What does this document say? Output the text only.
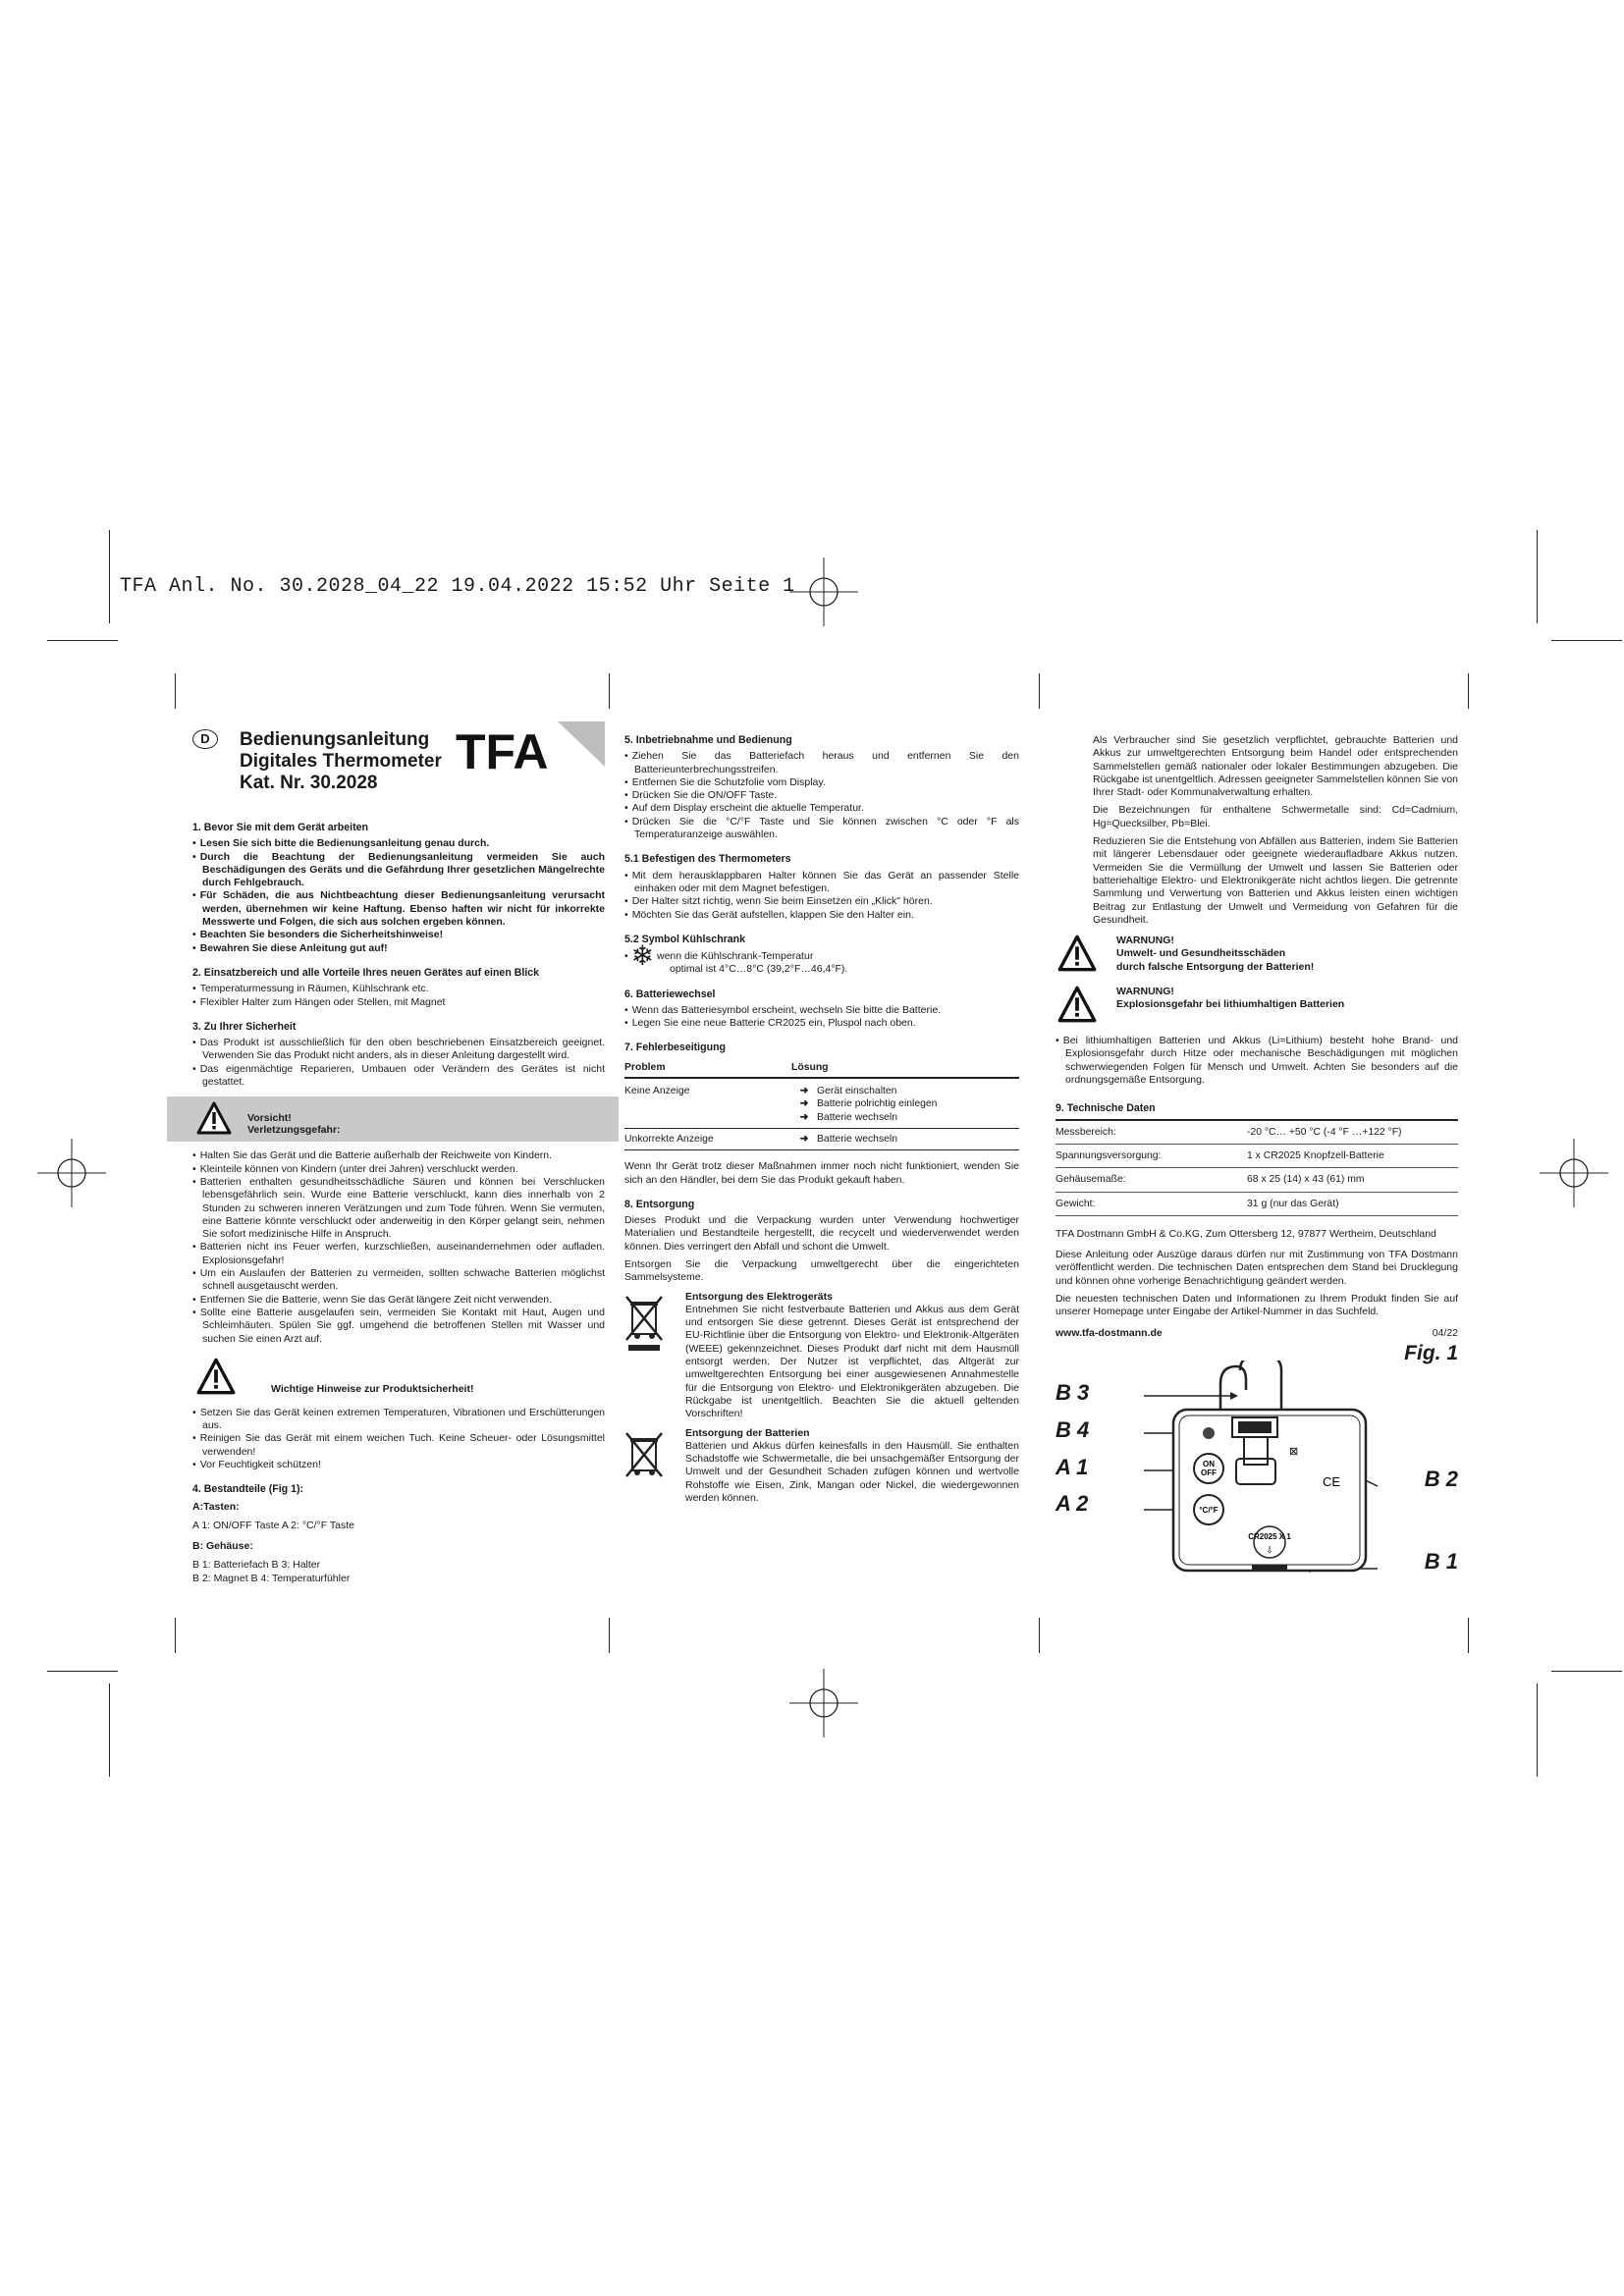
TFA Anl. No. 30.2028_04_22 19.04.2022 15:52 Uhr Seite 1
D	Bedienungsanleitung
Digitales Thermometer
Kat. Nr. 30.2028
TFA
1. Bevor Sie mit dem Gerät arbeiten
• Lesen Sie sich bitte die Bedienungsanleitung genau durch.
• Durch die Beachtung der Bedienungsanleitung vermeiden Sie auch Beschädigungen des Geräts und die Gefährdung Ihrer gesetzlichen Mängelrechte durch Fehlgebrauch.
• Für Schäden, die aus Nichtbeachtung dieser Bedienungsanleitung verursacht werden, übernehmen wir keine Haftung. Ebenso haften wir nicht für inkorrekte Messwerte und Folgen, die sich aus solchen ergeben können.
• Beachten Sie besonders die Sicherheitshinweise!
• Bewahren Sie diese Anleitung gut auf!
2. Einsatzbereich und alle Vorteile Ihres neuen Gerätes auf einen Blick
• Temperaturmessung in Räumen, Kühlschrank etc.
• Flexibler Halter zum Hängen oder Stellen, mit Magnet
3. Zu Ihrer Sicherheit
• Das Produkt ist ausschließlich für den oben beschriebenen Einsatzbereich geeignet. Verwenden Sie das Produkt nicht anders, als in dieser Anleitung dargestellt wird.
• Das eigenmächtige Reparieren, Umbauen oder Verändern des Gerätes ist nicht gestattet.
Vorsicht!
Verletzungsgefahr:
• Halten Sie das Gerät und die Batterie außerhalb der Reichweite von Kindern.
• Kleinteile können von Kindern (unter drei Jahren) verschluckt werden.
• Batterien enthalten gesundheitsschädliche Säuren und können bei Verschlucken lebensgefährlich sein. Wurde eine Batterie verschluckt, kann dies innerhalb von 2 Stunden zu schweren inneren Verätzungen und zum Tode führen. Wenn Sie vermuten, eine Batterie könnte verschluckt oder anderweitig in den Körper gelangt sein, nehmen Sie sofort medizinische Hilfe in Anspruch.
• Batterien nicht ins Feuer werfen, kurzschließen, auseinandernehmen oder aufladen. Explosionsgefahr!
• Um ein Auslaufen der Batterien zu vermeiden, sollten schwache Batterien möglichst schnell ausgetauscht werden.
• Entfernen Sie die Batterie, wenn Sie das Gerät längere Zeit nicht verwenden.
• Sollte eine Batterie ausgelaufen sein, vermeiden Sie Kontakt mit Haut, Augen und Schleimhäuten. Spülen Sie ggf. umgehend die betroffenen Stellen mit Wasser und suchen Sie einen Arzt auf.
Wichtige Hinweise zur Produktsicherheit!
• Setzen Sie das Gerät keinen extremen Temperaturen, Vibrationen und Erschütterungen aus.
• Reinigen Sie das Gerät mit einem weichen Tuch. Keine Scheuer- oder Lösungsmittel verwenden!
• Vor Feuchtigkeit schützen!
4. Bestandteile (Fig 1):
A:Tasten:
A 1: ON/OFF Taste A 2: °C/°F Taste
B: Gehäuse:
B 1: Batteriefach B 3: Halter
B 2: Magnet B 4: Temperaturfühler
5. Inbetriebnahme und Bedienung
• Ziehen Sie das Batteriefach heraus und entfernen Sie den Batterieunterbrechungsstreifen.
• Entfernen Sie die Schutzfolie vom Display.
• Drücken Sie die ON/OFF Taste.
• Auf dem Display erscheint die aktuelle Temperatur.
• Drücken Sie die °C/°F Taste und Sie können zwischen °C oder °F als Temperaturanzeige auswählen.
5.1 Befestigen des Thermometers
• Mit dem herausklappbaren Halter können Sie das Gerät an passender Stelle einhaken oder mit dem Magnet befestigen.
• Der Halter sitzt richtig, wenn Sie beim Einsetzen ein „Klick" hören.
• Möchten Sie das Gerät aufstellen, klappen Sie den Halter ein.
5.2 Symbol Kühlschrank
• ❄ wenn die Kühlschrank-Temperatur
optimal ist 4°C…8°C (39,2°F…46,4°F).
6. Batteriewechsel
• Wenn das Batteriesymbol erscheint, wechseln Sie bitte die Batterie.
• Legen Sie eine neue Batterie CR2025 ein, Pluspol nach oben.
7. Fehlerbeseitigung
Problem	Lösung
Keine Anzeige	➜ Gerät einschalten
➜ Batterie polrichtig einlegen
➜ Batterie wechseln

Unkorrekte Anzeige	➜ Batterie wechseln

Wenn Ihr Gerät trotz dieser Maßnahmen immer noch nicht funktioniert, wenden Sie sich an den Händler, bei dem Sie das Produkt gekauft haben.

8. Entsorgung

Dieses Produkt und die Verpackung wurden unter Verwendung hochwertiger Materialien und Bestandteile hergestellt, die recycelt und wiederverwendet werden können. Dies verringert den Abfall und schont die Umwelt.

Entsorgen Sie die Verpackung umweltgerecht über die eingerichteten Sammelsysteme.

Entsorgung des Elektrogeräts

Entnehmen Sie nicht festverbaute Batterien und Akkus aus dem Gerät und entsorgen Sie diese getrennt. Dieses Gerät ist entsprechend der EU-Richtlinie über die Entsorgung von Elektro- und Elektronik-Altgeräten (WEEE) gekennzeichnet. Dieses Produkt darf nicht mit dem Hausmüll entsorgt werden. Der Nutzer ist verpflichtet, das Altgerät zur umweltgerechten Entsorgung bei einer ausgewiesenen Annahmestelle für die Entsorgung von Elektro- und Elektronikgeräten abzugeben. Die Rückgabe ist unentgeltlich. Beachten Sie die aktuell geltenden Vorschriften!

Entsorgung der Batterien

Batterien und Akkus dürfen keinesfalls in den Hausmüll. Sie enthalten Schadstoffe wie Schwermetalle, die bei unsachgemäßer Entsorgung der Umwelt und der Gesundheit Schaden zufügen können und wertvolle Rohstoffe wie Eisen, Zink, Mangan oder Nickel, die wiedergewonnen werden können.

Als Verbraucher sind Sie gesetzlich verpflichtet, gebrauchte Batterien und Akkus zur umweltgerechten Entsorgung beim Handel oder entsprechenden Sammelstellen gemäß nationaler oder lokaler Bestimmungen abzugeben. Die Rückgabe ist unentgeltlich. Adressen geeigneter Sammelstellen können Sie von Ihrer Stadt- oder Kommunalverwaltung erhalten.

Die Bezeichnungen für enthaltene Schwermetalle sind: Cd=Cadmium, Hg=Quecksilber, Pb=Blei.

Reduzieren Sie die Entstehung von Abfällen aus Batterien, indem Sie Batterien mit längerer Lebensdauer oder geeignete wiederaufladbare Akkus nutzen. Vermeiden Sie die Vermüllung der Umwelt und lassen Sie Batterien oder batteriehaltige Elektro- und Elektronikgeräte nicht achtlos liegen. Die getrennte Sammlung und Verwertung von Batterien und Akkus leisten einen wichtigen Beitrag zur Entlastung der Umwelt und Vermeidung von Gefahren für die Gesundheit.

WARNUNG!
Umwelt- und Gesundheitsschäden
durch falsche Entsorgung der Batterien!
WARNUNG!
Explosionsgefahr bei lithiumhaltigen Batterien
• Bei lithiumhaltigen Batterien und Akkus (Li=Lithium) besteht hohe Brand- und Explosionsgefahr durch Hitze oder mechanische Beschädigungen mit möglichen schwerwiegenden Folgen für Mensch und Umwelt. Achten Sie besonders auf die ordnungsgemäße Entsorgung.
9. Technische Daten
Messbereich:	-20 °C… +50 °C (-4 °F …+122 °F)
Spannungsversorgung:	1 x CR2025 Knopfzell-Batterie
Gehäusemaße:	68 x 25 (14) x 43 (61) mm
Gewicht:	31 g (nur das Gerät)

TFA Dostmann GmbH & Co.KG, Zum Ottersberg 12, 97877 Wertheim, Deutschland

Diese Anleitung oder Auszüge daraus dürfen nur mit Zustimmung von TFA Dostmann veröffentlicht werden. Die technischen Daten entsprechen dem Stand bei Drucklegung und können ohne vorherige Benachrichtigung geändert werden.

Die neuesten technischen Daten und Informationen zu Ihrem Produkt finden Sie auf unserer Homepage unter Eingabe der Artikel-Nummer in das Suchfeld.

www.tfa-dostmann.de	04/22
Fig. 1
B 3
B 4
A 1
A 2
B 2
B 1
ON
OFF
°C/°F
⊠
CE
CR2025 X 1
⇩
